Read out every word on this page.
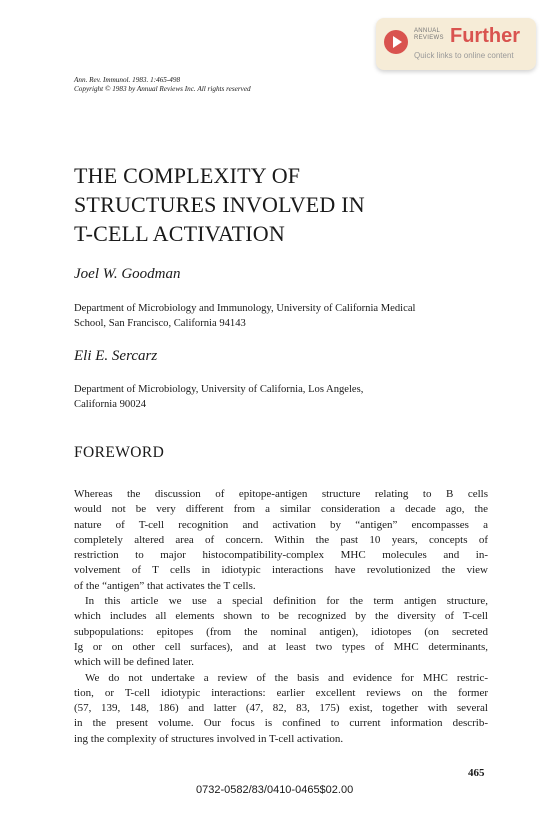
ANNUAL
REVIEWS Further
Quick links to online content
Ann. Rev. Immunol. 1983. 1:465-498
Copyright © 1983 by Annual Reviews Inc. All rights reserved
THE COMPLEXITY OF
STRUCTURES INVOLVED IN
T-CELL ACTIVATION
Joel W. Goodman
Department of Microbiology and Immunology, University of California Medical
School, San Francisco, California 94143
Eli E. Sercarz
Department of Microbiology, University of California, Los Angeles,
California 90024
FOREWORD
Whereas the discussion of epitope-antigen structure relating to B cells
would not be very different from a similar consideration a decade ago, the
nature of T-cell recognition and activation by “antigen” encompasses a
completely altered area of concern. Within the past 10 years, concepts of
restriction to major histocompatibility-complex MHC molecules and in-
volvement of T cells in idiotypic interactions have revolutionized the view
of the “antigen” that activates the T cells.
In this article we use a special definition for the term antigen structure,
which includes all elements shown to be recognized by the diversity of T-cell
subpopulations: epitopes (from the nominal antigen), idiotopes (on secreted
Ig or on other cell surfaces), and at least two types of MHC determinants,
which will be defined later.
We do not undertake a review of the basis and evidence for MHC restric-
tion, or T-cell idiotypic interactions: earlier excellent reviews on the former
(57, 139, 148, 186) and latter (47, 82, 83, 175) exist, together with several
in the present volume. Our focus is confined to current information describ-
ing the complexity of structures involved in T-cell activation.
465
0732-0582/83/0410-0465$02.00
